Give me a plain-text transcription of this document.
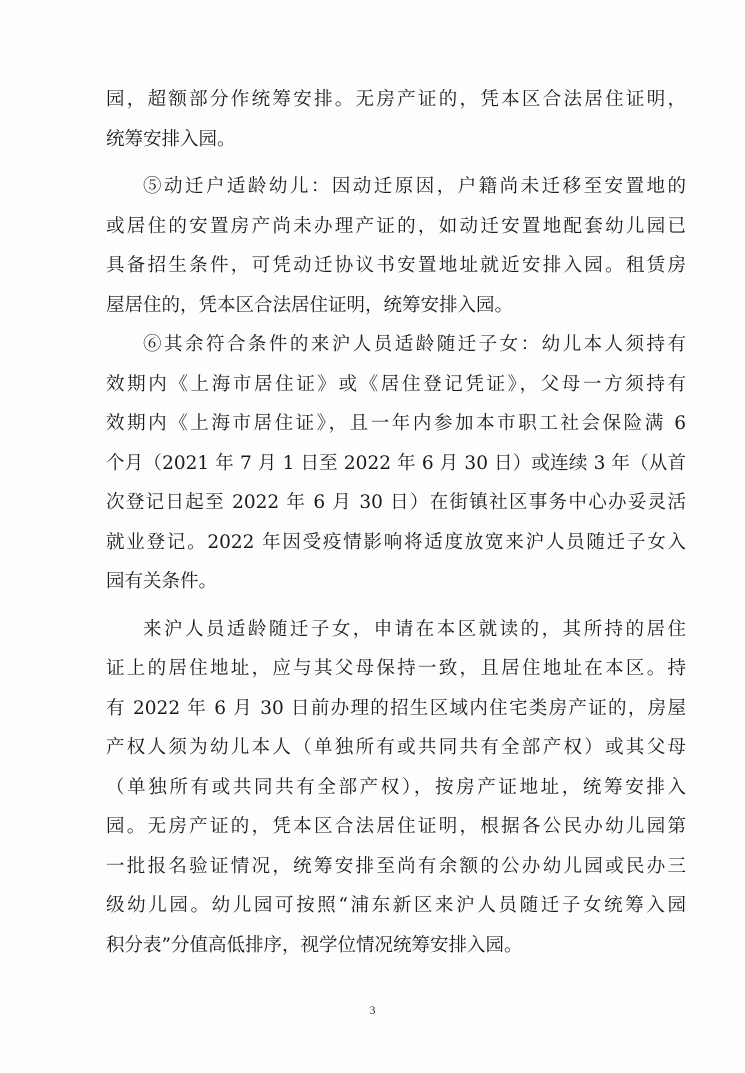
园，超额部分作统筹安排。无房产证的，凭本区合法居住证明，
统筹安排入园。
⑤动迁户适龄幼儿：因动迁原因，户籍尚未迁移至安置地的
或居住的安置房产尚未办理产证的，如动迁安置地配套幼儿园已
具备招生条件，可凭动迁协议书安置地址就近安排入园。租赁房
屋居住的，凭本区合法居住证明，统筹安排入园。
⑥其余符合条件的来沪人员适龄随迁子女：幼儿本人须持有
效期内《上海市居住证》或《居住登记凭证》，父母一方须持有
效期内《上海市居住证》，且一年内参加本市职工社会保险满 6
个月（2021 年 7 月 1 日至 2022 年 6 月 30 日）或连续 3 年（从首
次登记日起至 2022 年 6 月 30 日）在街镇社区事务中心办妥灵活
就业登记。2022 年因受疫情影响将适度放宽来沪人员随迁子女入
园有关条件。
来沪人员适龄随迁子女，申请在本区就读的，其所持的居住
证上的居住地址，应与其父母保持一致，且居住地址在本区。持
有 2022 年 6 月 30 日前办理的招生区域内住宅类房产证的，房屋
产权人须为幼儿本人（单独所有或共同共有全部产权）或其父母
（单独所有或共同共有全部产权），按房产证地址，统筹安排入
园。无房产证的，凭本区合法居住证明，根据各公民办幼儿园第
一批报名验证情况，统筹安排至尚有余额的公办幼儿园或民办三
级幼儿园。幼儿园可按照“浦东新区来沪人员随迁子女统筹入园
积分表”分值高低排序，视学位情况统筹安排入园。
3
